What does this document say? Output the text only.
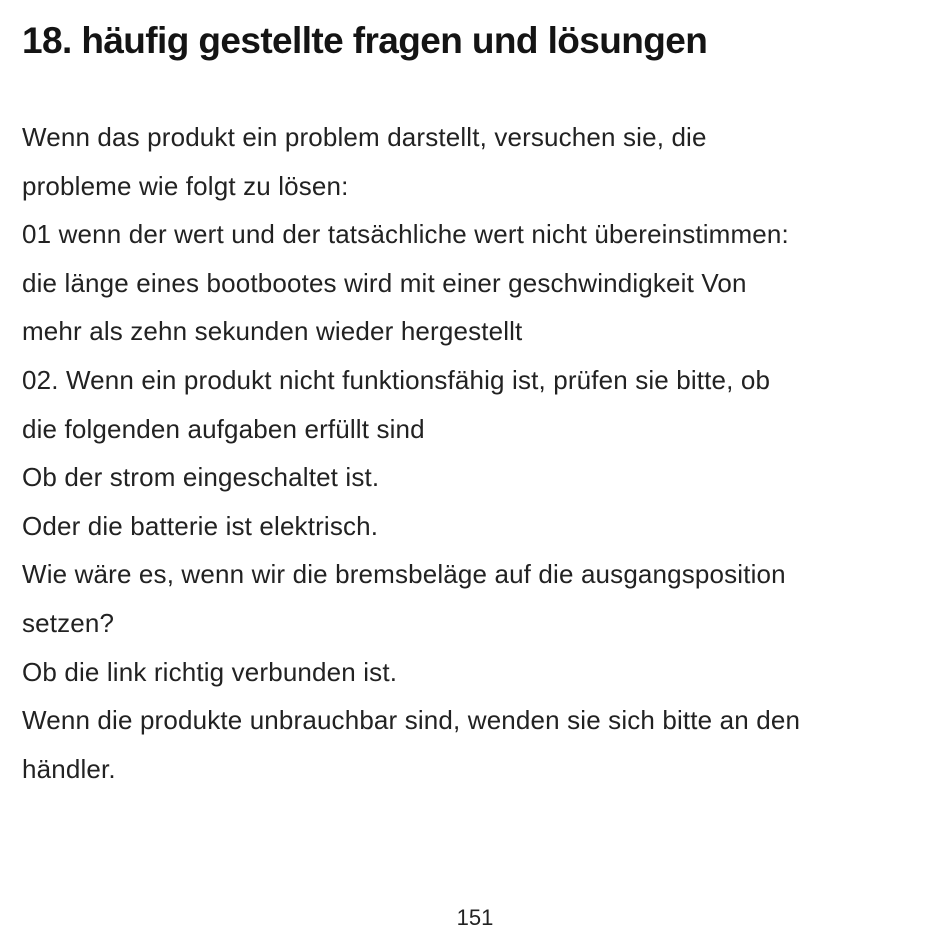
18. häufig gestellte fragen und lösungen
Wenn das produkt ein problem darstellt, versuchen sie, die
probleme wie folgt zu lösen:
01 wenn der wert und der tatsächliche wert nicht übereinstimmen:
die länge eines bootbootes wird mit einer geschwindigkeit Von
mehr als zehn sekunden wieder hergestellt
02. Wenn ein produkt nicht funktionsfähig ist, prüfen sie bitte, ob
die folgenden aufgaben erfüllt sind
Ob der strom eingeschaltet ist.
Oder die batterie ist elektrisch.
Wie wäre es, wenn wir die bremsbeläge auf die ausgangsposition
setzen?
Ob die link richtig verbunden ist.
Wenn die produkte unbrauchbar sind, wenden sie sich bitte an den
händler.
151
